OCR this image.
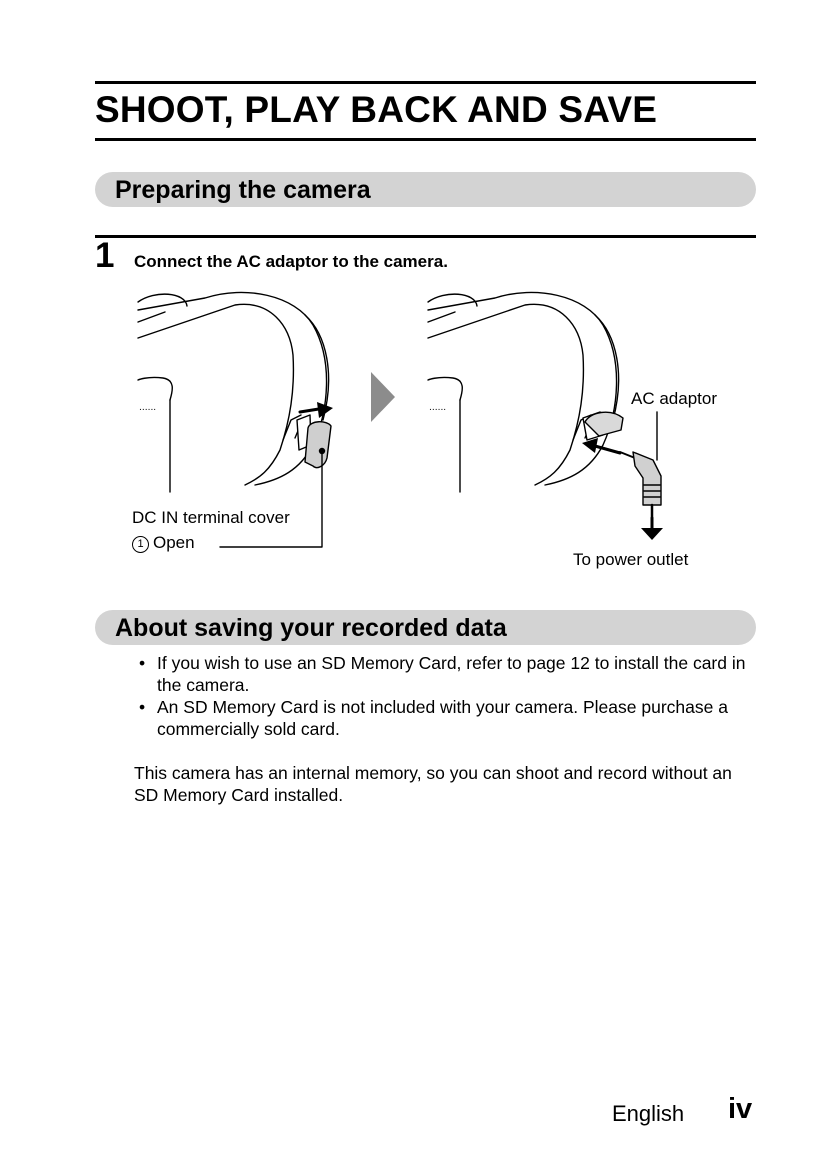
SHOOT, PLAY BACK AND SAVE
Preparing the camera
1 Connect the AC adaptor to the camera.
......	......
DC IN terminal cover
1 Open
AC adaptor
To power outlet
About saving your recorded data
• If you wish to use an SD Memory Card, refer to page 12 to install the card in the camera.
• An SD Memory Card is not included with your camera. Please purchase a commercially sold card.

This camera has an internal memory, so you can shoot and record without an SD Memory Card installed.

English iv
